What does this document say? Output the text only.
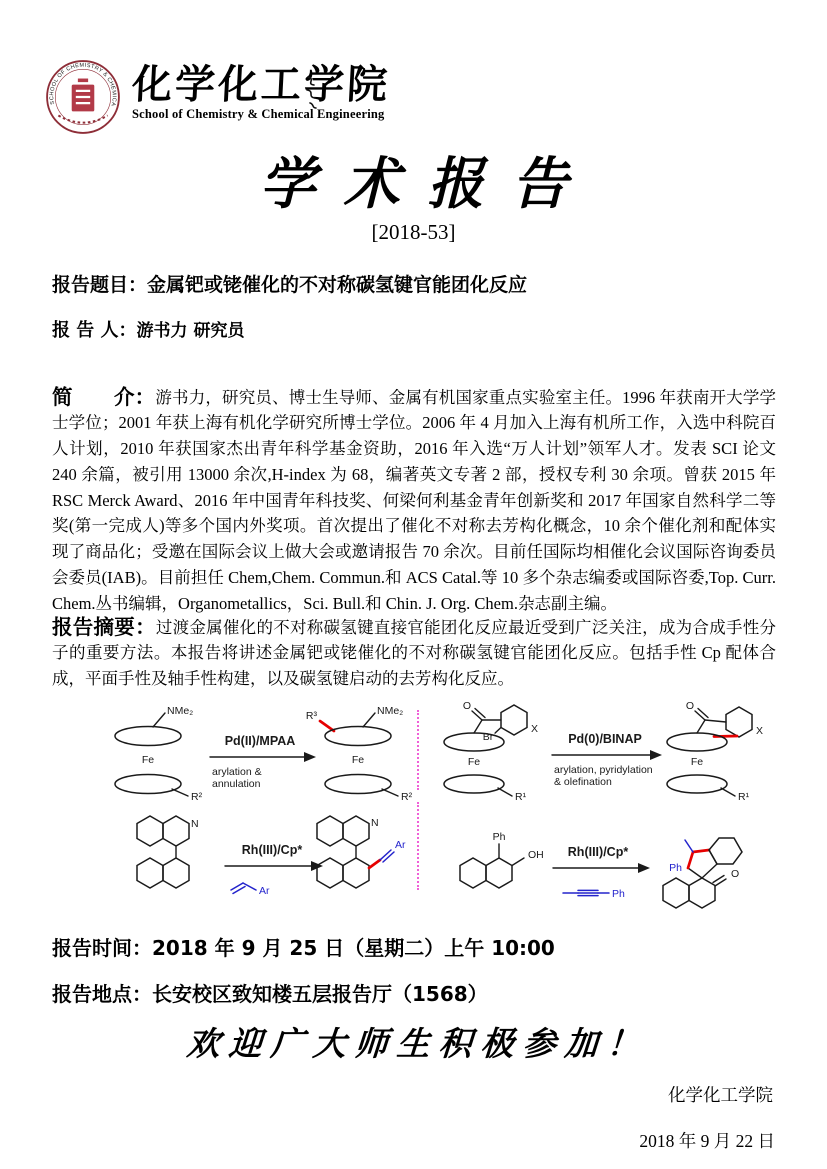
SCHOOL OF CHEMISTRY & CHEMICA 化学化工学院
School of Chemistry & Chemical Engineering
学术报告
[2018-53]
报告题目：金属钯或铑催化的不对称碳氢键官能团化反应
报 告 人：游书力 研究员

简　　介：游书力，研究员、博士生导师、金属有机国家重点实验室主任。1996 年获南开大学学士学位；2001 年获上海有机化学研究所博士学位。2006 年 4 月加入上海有机所工作，入选中科院百人计划，2010 年获国家杰出青年科学基金资助，2016 年入选“万人计划”领军人才。发表 SCI 论文 240 余篇，被引用 13000 余次,H-index 为 68，编著英文专著 2 部，授权专利 30 余项。曾获 2015 年 RSC Merck Award、2016 年中国青年科技奖、何梁何利基金青年创新奖和 2017 年国家自然科学二等奖(第一完成人)等多个国内外奖项。首次提出了催化不对称去芳构化概念，10 余个催化剂和配体实现了商品化；受邀在国际会议上做大会或邀请报告 70 余次。目前任国际均相催化会议国际咨询委员会委员(IAB)。目前担任 Chem,Chem. Commun.和 ACS Catal.等 10 多个杂志编委或国际咨委,Top. Curr. Chem.丛书编辑，Organometallics，Sci. Bull.和 Chin. J. Org. Chem.杂志副主编。

报告摘要：过渡金属催化的不对称碳氢键直接官能团化反应最近受到广泛关注，成为合成手性分子的重要方法。本报告将讲述金属钯或铑催化的不对称碳氢键官能团化反应。包括手性 Cp 配体合成，平面手性及轴手性构建，以及碳氢键启动的去芳构化反应。

NMe₂
Fe
R²
Pd(II)/MPAA
arylation &
annulation
R³	NMe₂
Fe
R²
O
Br
X
Fe
R¹
Pd(0)/BINAP
arylation, pyridylation
& olefination
O
X
Fe
R¹
N
Rh(III)/Cp*
Ar
N
Ar
Ph
OH Rh(III)/Cp*
Ph
O
Ph
报告时间：2018 年 9 月 25 日（星期二）上午 10:00
报告地点：长安校区致知楼五层报告厅（1568）
欢迎广大师生积极参加！
化学化工学院
2018 年 9 月 22 日
